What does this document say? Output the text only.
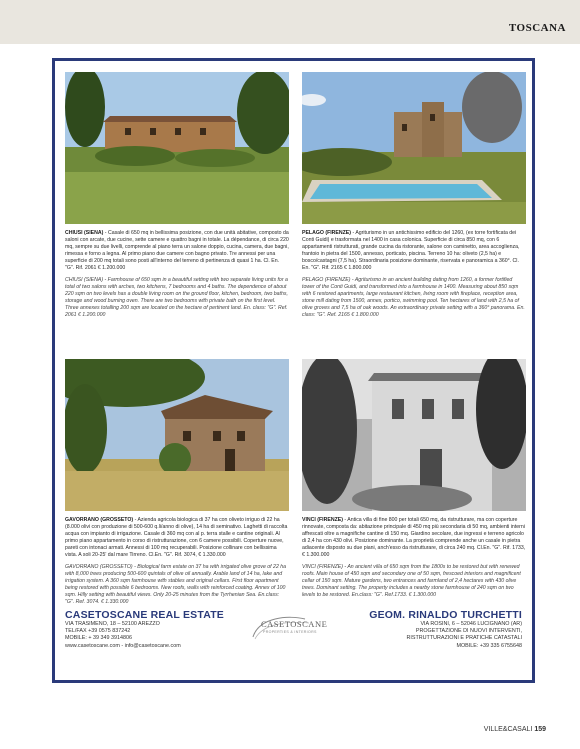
TOSCANA
CHIUSI (SIENA) - Casale di 650 mq in bellissima posizione, con due unità abitative, composto da saloni con arcate, due cucine, sette camere e quattro bagni in totale. La dépendance, di circa 220 mq, sempre su due livelli, comprende al piano terra un salone doppio, cucina, camera, due bagni, rimessa e forno a legna. Al primo piano due camere con bagno privato. Tre annessi per una superficie di 200 mq totali sono posti all'interno del terreno di pertinenza di quasi 1 ha. Cl. En. "G". Rif. 2061 € 1.200.000
CHIUSI (SIENA) - Farmhouse of 650 sqm in a beautiful setting with two separate living units for a total of two salons with arches, two kitchens, 7 bedrooms and 4 baths. The dependence of about 220 sqm on two levels has a double living room on the ground floor, kitchen, bedroom, two baths, storage and wood burning oven. There are two bedrooms with private bath on the first level. Three annexes totalling 200 sqm are located on the hectare of pertinent land. En. class: "G". Ref. 2061 € 1.200.000
PELAGO (FIRENZE) - Agriturismo in un antichissimo edificio del 1260, (ex torre fortificata dei Conti Guidi) e trasformata nel 1400 in casa colonica. Superficie di circa 850 mq, con 6 appartamenti ristrutturati, grande cucina da ristorante, salone con caminetto, area accoglienza, frantoio in pietra del 1500, annesso, porticato, piscina. Terreno 10 ha: oliveto (2,5 ha) e bosco/castagni (7,5 ha). Straordinaria posizione dominante, riservata e panoramica a 360°. Cl. En. "G". Rif. 2165 € 1.800.000
PELAGO (FIRENZE) - Agriturismo in an ancient building dating from 1260, a former fortified tower of the Conti Guidi, and transformed into a farmhouse in 1400. Measuring about 850 sqm with 6 restored apartments, large restaurant kitchen, living room with fireplace, reception area, stone mill dating from 1500, annex, portico, swimming pool. Ten hectares of land with 2,5 ha of olive groves and 7,5 ha of oak woods. An extraordinary private setting with a 360° panorama. En. class: "G". Ref. 2165 € 1.800.000
GAVORRANO (GROSSETO) - Azienda agricola biologica di 37 ha con oliveto irriguo di 22 ha (8.000 olivi con produzione di 500-600 q.li/anno di olive), 14 ha di seminativo. Laghetti di raccolta acqua con impianto di irrigazione. Casale di 360 mq con al p. terra stalle e cantine originali. Al primo piano appartamento in corso di ristrutturazione, con 6 camere possibili. Coperture nuove, pareti con intonaci armati. Annessi di 100 mq recuperabili. Posizione collinare con bellissima vista. A soli 20-25' dal mare Tirreno. Cl.En. "G". Rif. 3074, € 1.330.000
GAVORRANO (GROSSETO) - Biological farm estate on 37 ha with irrigated olive grove of 22 ha with 8,000 trees producing 500-600 quintals of olive oil annually. Arable land of 14 ha, lake and irrigation system. A 360 sqm farmhouse with stables and original cellars. First floor apartment being restored with possible 6 bedrooms. New roofs, walls with reinforced coating. Annex of 100 sqm. Hilly setting with beautiful views. Only 20-25 minutes from the Tyrrhenian Sea. En.class: "G". Ref. 3074. € 1.330.000
VINCI (FIRENZE) - Antica villa di fine 800 per totali 650 mq, da ristrutturare, ma con coperture rinnovate, composta da: abitazione principale di 450 mq più secondaria di 50 mq, ambienti interni affrescati oltre a magnifiche cantine di 150 mq. Giardino secolare, due ingressi e terreno agricolo di 2,4 ha con 430 olivi. Posizione dominante. La proprietà comprende anche un casale in pietra adiacente disposto su due piani, anch'esso da ristrutturare, di circa 240 mq. Cl.En. "G". Rif. 1733, € 1.300.000
VINCI (FIRENZE) - An ancient villa of 650 sqm from the 1800s to be restored but with renewed roofs. Main house of 450 sqm and secondary one of 50 sqm, frescoed interiors and magnificent cellar of 150 sqm. Mature gardens, two entrances and farmland of 2,4 hectares with 430 olive trees. Dominant setting. The property includes a nearby stone farmhouse of 240 sqm on two levels to be restored. En.class: "G". Ref.1733. € 1.300.000
CASETOSCANE REAL ESTATE
VIA TRASIMENO, 18 – 52100 AREZZO
TEL/FAX +39 0575 837242
MOBILE: + 39 349 3914806
www.casetoscane.com - info@casetoscane.com
CASETOSCANE
PROPERTIES & INTERIORS
GEOM. RINALDO TURCHETTI
VIA ROSINI, 6 – 52046 LUCIGNANO (AR)
PROGETTAZIONE DI NUOVI INTERVENTI,
RISTRUTTURAZIONI E PRATICHE CATASTALI
MOBILE: +39 335 6755648
VILLE&CASALI 159
